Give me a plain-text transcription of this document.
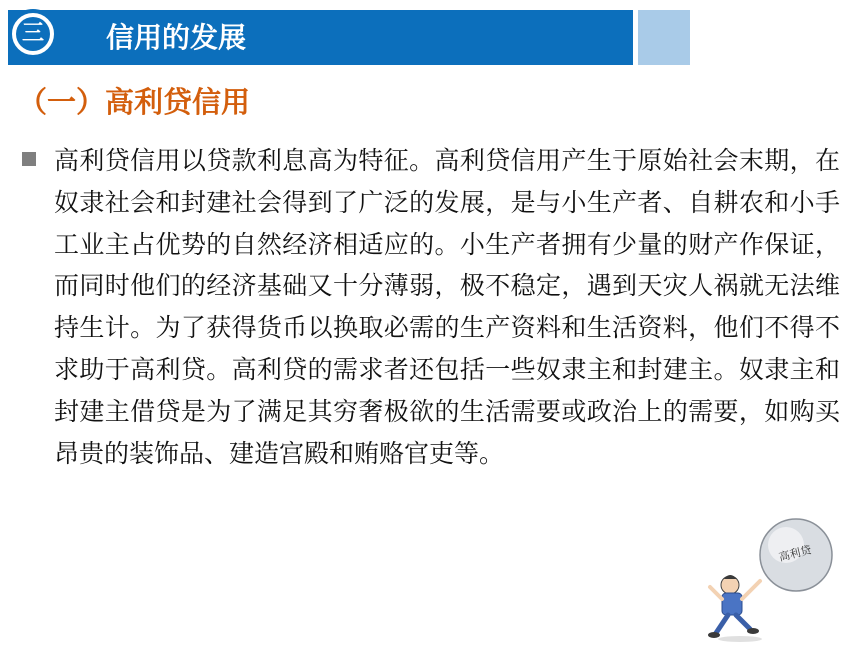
三 信用的发展
（一）高利贷信用

高利贷信用以贷款利息高为特征。高利贷信用产生于原始社会末期，在奴隶社会和封建社会得到了广泛的发展，是与小生产者、自耕农和小手工业主占优势的自然经济相适应的。小生产者拥有少量的财产作保证，而同时他们的经济基础又十分薄弱，极不稳定，遇到天灾人祸就无法维持生计。为了获得货币以换取必需的生产资料和生活资料，他们不得不求助于高利贷。高利贷的需求者还包括一些奴隶主和封建主。奴隶主和封建主借贷是为了满足其穷奢极欲的生活需要或政治上的需要，如购买昂贵的装饰品、建造宫殿和贿赂官吏等。

高利贷
